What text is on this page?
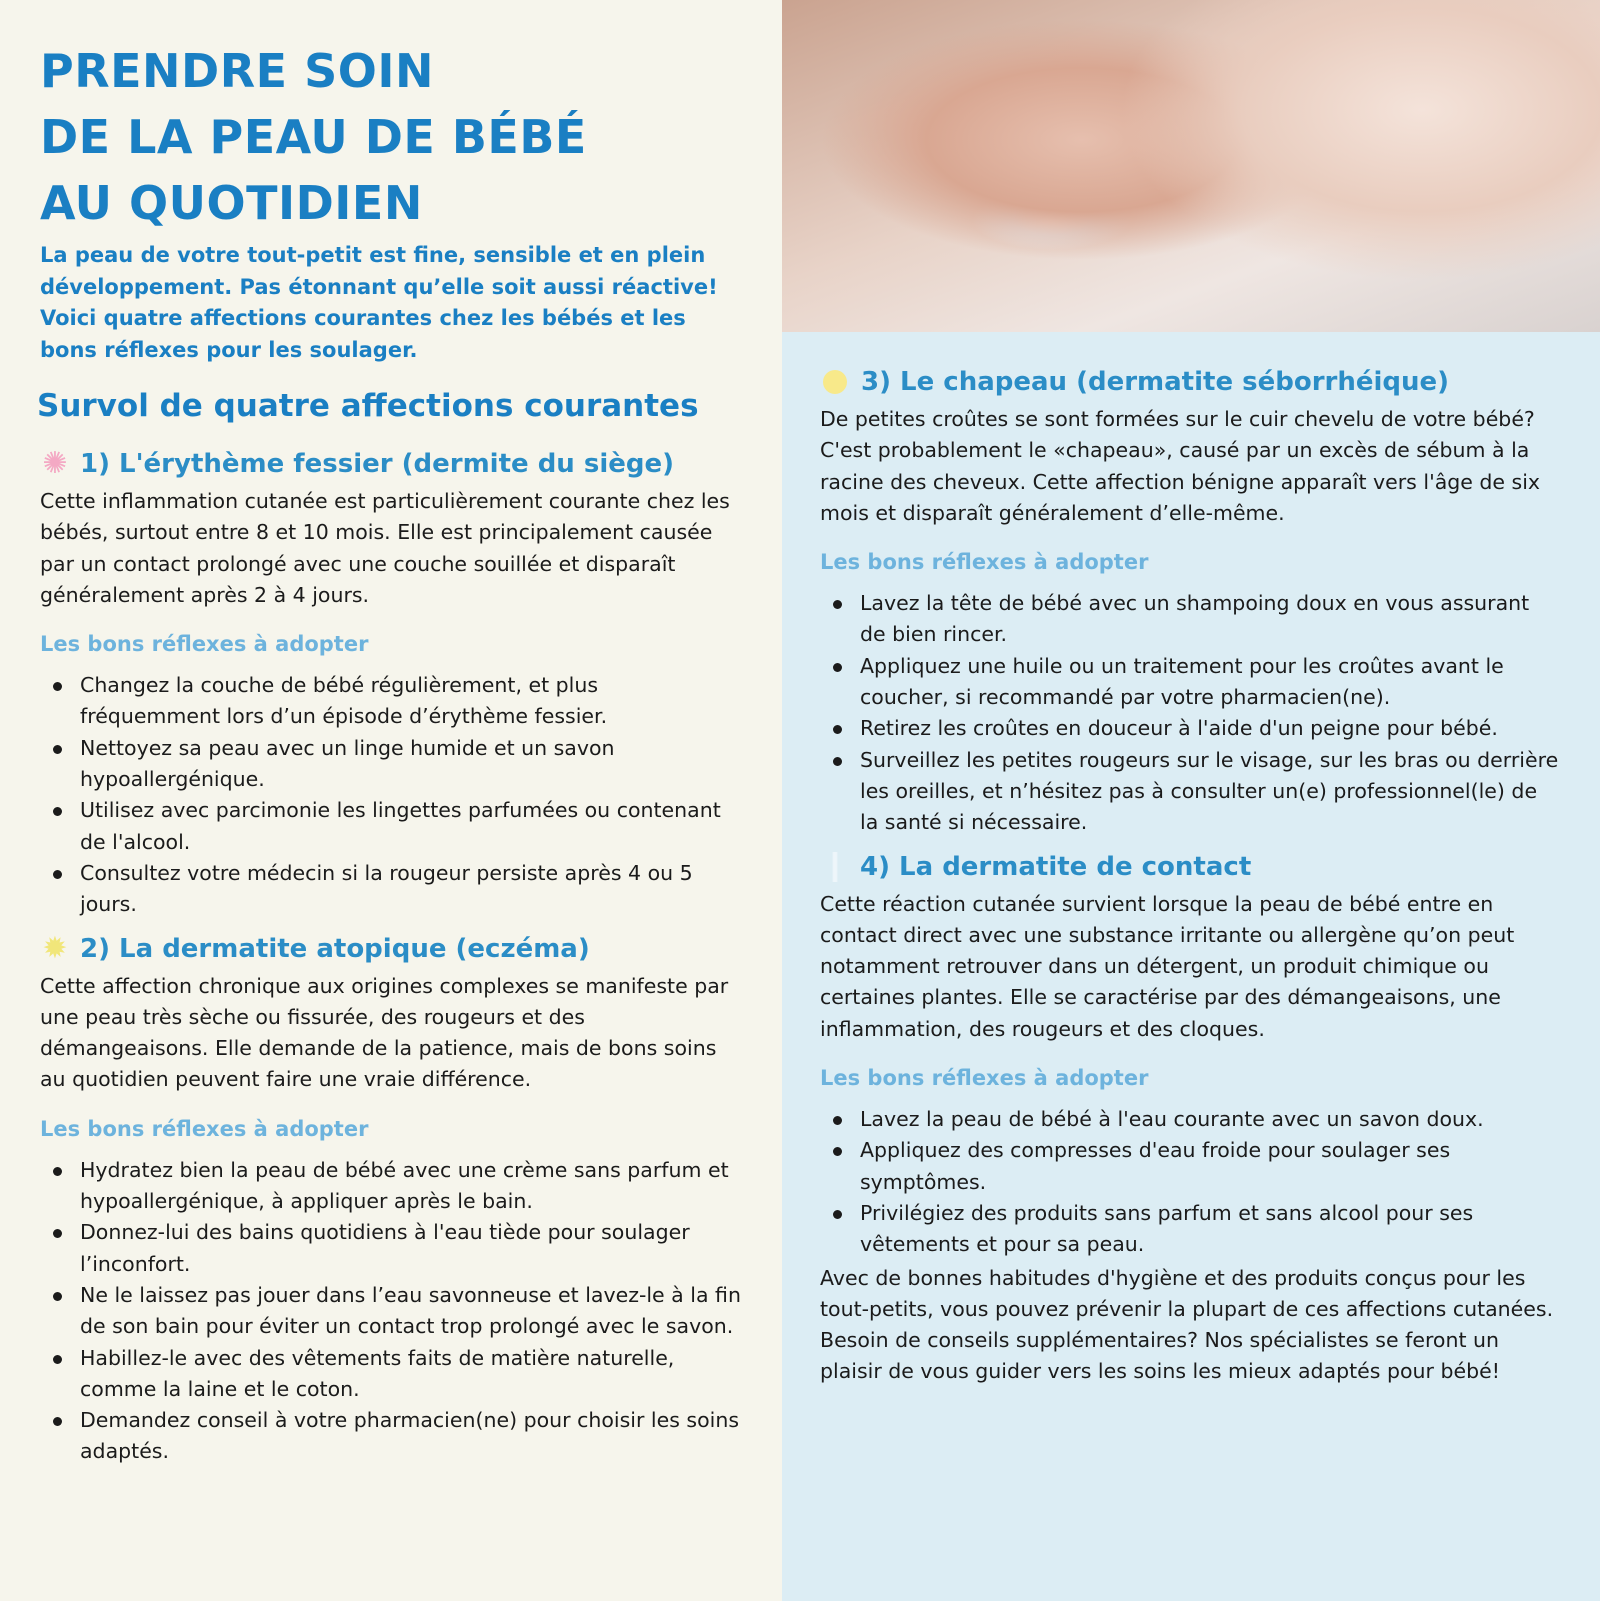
PRENDRE SOIN
DE LA PEAU DE BÉBÉ
AU QUOTIDIEN

La peau de votre tout-petit est fine, sensible et en plein développement. Pas étonnant qu’elle soit aussi réactive! Voici quatre affections courantes chez les bébés et les bons réflexes pour les soulager.

Survol de quatre affections courantes
✺ 1) L'érythème fessier (dermite du siège)

Cette inflammation cutanée est particulièrement courante chez les bébés, surtout entre 8 et 10 mois. Elle est principalement causée par un contact prolongé avec une couche souillée et disparaît généralement après 2 à 4 jours.

Les bons réflexes à adopter
Changez la couche de bébé régulièrement, et plus fréquemment lors d’un épisode d’érythème fessier.
Nettoyez sa peau avec un linge humide et un savon hypoallergénique.
Utilisez avec parcimonie les lingettes parfumées ou contenant de l'alcool.
Consultez votre médecin si la rougeur persiste après 4 ou 5 jours.
✹ 2) La dermatite atopique (eczéma)

Cette affection chronique aux origines complexes se manifeste par une peau très sèche ou fissurée, des rougeurs et des démangeaisons. Elle demande de la patience, mais de bons soins au quotidien peuvent faire une vraie différence.

Les bons réflexes à adopter
Hydratez bien la peau de bébé avec une crème sans parfum et hypoallergénique, à appliquer après le bain.
Donnez-lui des bains quotidiens à l'eau tiède pour soulager l’inconfort.
Ne le laissez pas jouer dans l’eau savonneuse et lavez-le à la fin de son bain pour éviter un contact trop prolongé avec le savon.
Habillez-le avec des vêtements faits de matière naturelle, comme la laine et le coton.
Demandez conseil à votre pharmacien(ne) pour choisir les soins adaptés.
3) Le chapeau (dermatite séborrhéique)

De petites croûtes se sont formées sur le cuir chevelu de votre bébé? C'est probablement le «chapeau», causé par un excès de sébum à la racine des cheveux. Cette affection bénigne apparaît vers l'âge de six mois et disparaît généralement d’elle-même.

Les bons réflexes à adopter
Lavez la tête de bébé avec un shampoing doux en vous assurant de bien rincer.
Appliquez une huile ou un traitement pour les croûtes avant le coucher, si recommandé par votre pharmacien(ne).
Retirez les croûtes en douceur à l'aide d'un peigne pour bébé.
Surveillez les petites rougeurs sur le visage, sur les bras ou derrière les oreilles, et n’hésitez pas à consulter un(e) professionnel(le) de la santé si nécessaire.
4) La dermatite de contact

Cette réaction cutanée survient lorsque la peau de bébé entre en contact direct avec une substance irritante ou allergène qu’on peut notamment retrouver dans un détergent, un produit chimique ou certaines plantes. Elle se caractérise par des démangeaisons, une inflammation, des rougeurs et des cloques.

Les bons réflexes à adopter
Lavez la peau de bébé à l'eau courante avec un savon doux.
Appliquez des compresses d'eau froide pour soulager ses symptômes.
Privilégiez des produits sans parfum et sans alcool pour ses vêtements et pour sa peau.

Avec de bonnes habitudes d'hygiène et des produits conçus pour les tout-petits, vous pouvez prévenir la plupart de ces affections cutanées. Besoin de conseils supplémentaires? Nos spécialistes se feront un plaisir de vous guider vers les soins les mieux adaptés pour bébé!
